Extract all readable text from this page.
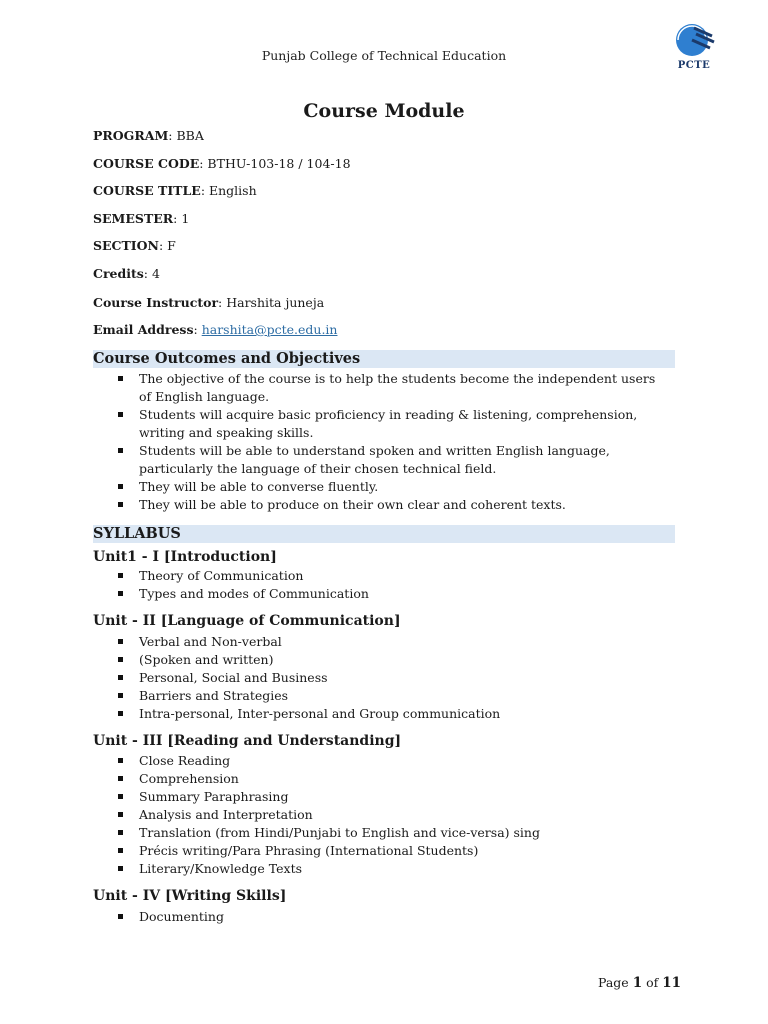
Punjab College of Technical Education
PCTE
Course Module
PROGRAM: BBA
COURSE CODE: BTHU-103-18 / 104-18
COURSE TITLE: English
SEMESTER: 1
SECTION: F
Credits: 4
Course Instructor: Harshita juneja
Email Address: harshita@pcte.edu.in
Course Outcomes and Objectives
The objective of the course is to help the students become the independent users of English language.
Students will acquire basic proficiency in reading & listening, comprehension, writing and speaking skills.
Students will be able to understand spoken and written English language, particularly the language of their chosen technical field.
They will be able to converse fluently.
They will be able to produce on their own clear and coherent texts.
SYLLABUS
Unit1 - I [Introduction]
Theory of Communication
Types and modes of Communication
Unit - II [Language of Communication]
Verbal and Non-verbal
(Spoken and written)
Personal, Social and Business
Barriers and Strategies
Intra-personal, Inter-personal and Group communication
Unit - III [Reading and Understanding]
Close Reading
Comprehension
Summary Paraphrasing
Analysis and Interpretation
Translation (from Hindi/Punjabi to English and vice-versa) sing
Précis writing/Para Phrasing (International Students)
Literary/Knowledge Texts
Unit - IV [Writing Skills]
Documenting
Page 1 of 11
